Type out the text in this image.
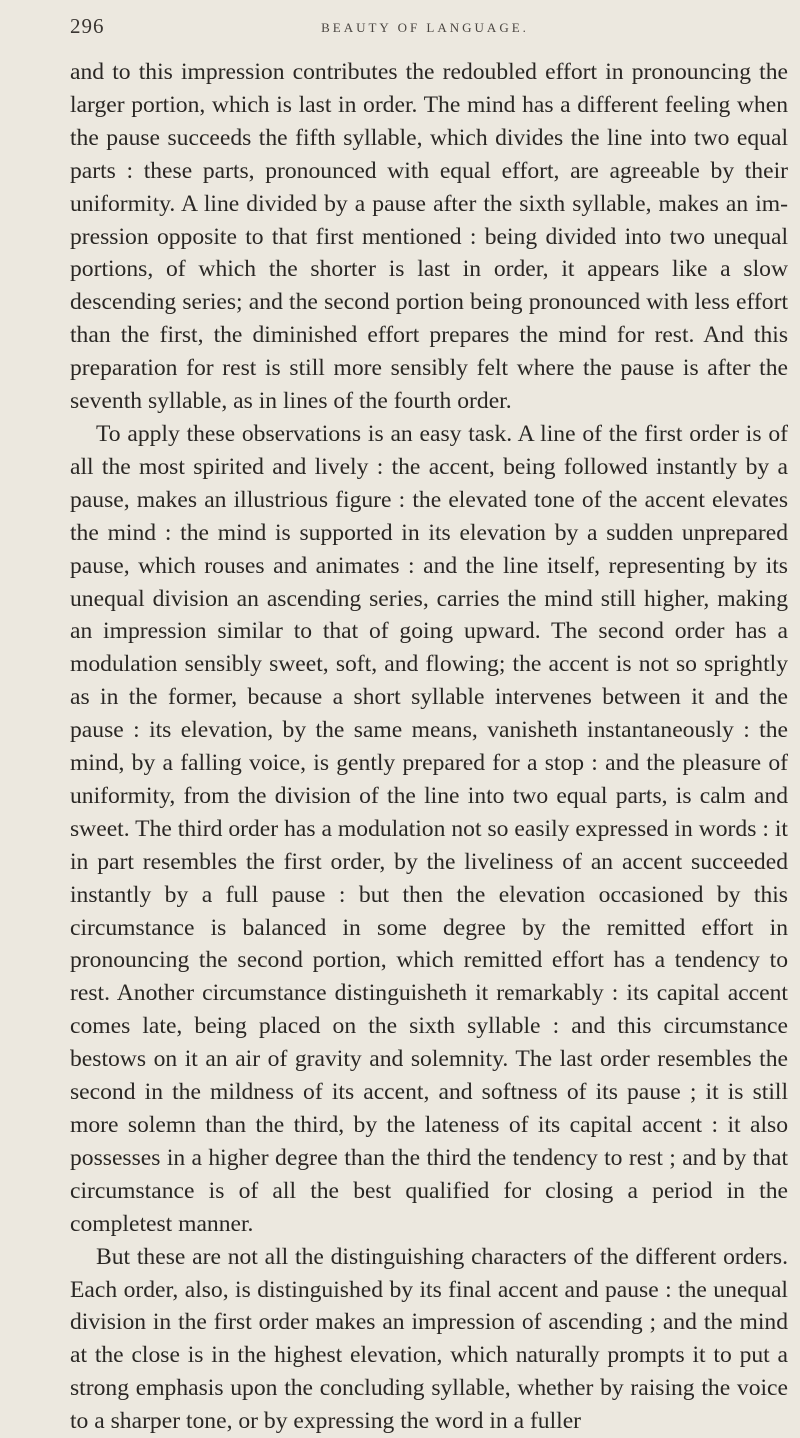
296	BEAUTY OF LANGUAGE.

and to this impression contributes the redoubled effort in pronouncing the larger portion, which is last in order. The mind has a different feeling when the pause succeeds the fifth syllable, which divides the line into two equal parts : these parts, pronounced with equal effort, are agreeable by their uniformity. A line divided by a pause after the sixth syllable, makes an impression opposite to that first mentioned : being divided into two unequal portions, of which the shorter is last in order, it appears like a slow descending series; and the second portion being pronounced with less effort than the first, the diminished effort prepares the mind for rest. And this preparation for rest is still more sensibly felt where the pause is after the seventh syllable, as in lines of the fourth order.

To apply these observations is an easy task. A line of the first order is of all the most spirited and lively : the accent, being followed instantly by a pause, makes an illustrious figure : the elevated tone of the accent elevates the mind : the mind is supported in its elevation by a sudden unprepared pause, which rouses and animates : and the line itself, representing by its unequal division an ascending series, carries the mind still higher, making an impression similar to that of going upward. The second order has a modulation sensibly sweet, soft, and flowing; the accent is not so sprightly as in the former, because a short syllable intervenes between it and the pause : its elevation, by the same means, vanisheth instantaneously : the mind, by a falling voice, is gently prepared for a stop : and the pleasure of uniformity, from the division of the line into two equal parts, is calm and sweet. The third order has a modulation not so easily expressed in words : it in part resembles the first order, by the liveliness of an accent succeeded instantly by a full pause : but then the elevation occasioned by this circumstance is balanced in some degree by the remitted effort in pronouncing the second portion, which remitted effort has a tendency to rest. Another circumstance distinguisheth it remarkably : its capital accent comes late, being placed on the sixth syllable : and this circumstance bestows on it an air of gravity and solemnity. The last order resembles the second in the mildness of its accent, and softness of its pause ; it is still more solemn than the third, by the lateness of its capital accent : it also possesses in a higher degree than the third the tendency to rest ; and by that circumstance is of all the best qualified for closing a period in the completest manner.

But these are not all the distinguishing characters of the different orders. Each order, also, is distinguished by its final accent and pause : the unequal division in the first order makes an impression of ascending ; and the mind at the close is in the highest elevation, which naturally prompts it to put a strong emphasis upon the concluding syllable, whether by raising the voice to a sharper tone, or by expressing the word in a fuller
